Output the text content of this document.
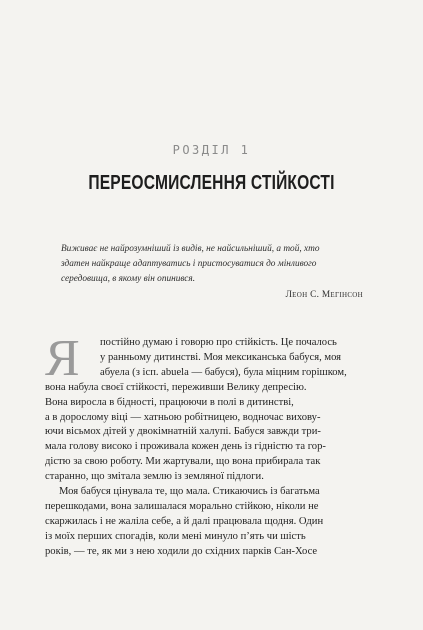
РОЗДІЛ 1
ПЕРЕОСМИСЛЕННЯ СТІЙКОСТІ
Виживає не найрозумніший із видів, не найсильніший, а той, хто
здатен найкраще адаптуватись і пристосуватися до мінливого
середовища, в якому він опинився.
Леон С. Мегінсон
Я	постійно думаю і говорю про стійкість. Це почалось
у ранньому дитинстві. Моя мексиканська бабуся, моя
абуела (з ісп. abuela — бабуся), була міцним горішком,
вона набула своєї стійкості, переживши Велику депресію.
Вона виросла в бідності, працюючи в полі в дитинстві,
а в дорослому віці — хатньою робітницею, водночас вихову-
ючи вісьмох дітей у двокімнатній халупі. Бабуся завжди три-
мала голову високо і проживала кожен день із гідністю та гор-
дістю за свою роботу. Ми жартували, що вона прибирала так
старанно, що змітала землю із земляної підлоги.
Моя бабуся цінувала те, що мала. Стикаючись із багатьма
перешкодами, вона залишалася морально стійкою, ніколи не
скаржилась і не жаліла себе, а й далі працювала щодня. Один
із моїх перших спогадів, коли мені минуло п’ять чи шість
років, — те, як ми з нею ходили до східних парків Сан-Хосе
